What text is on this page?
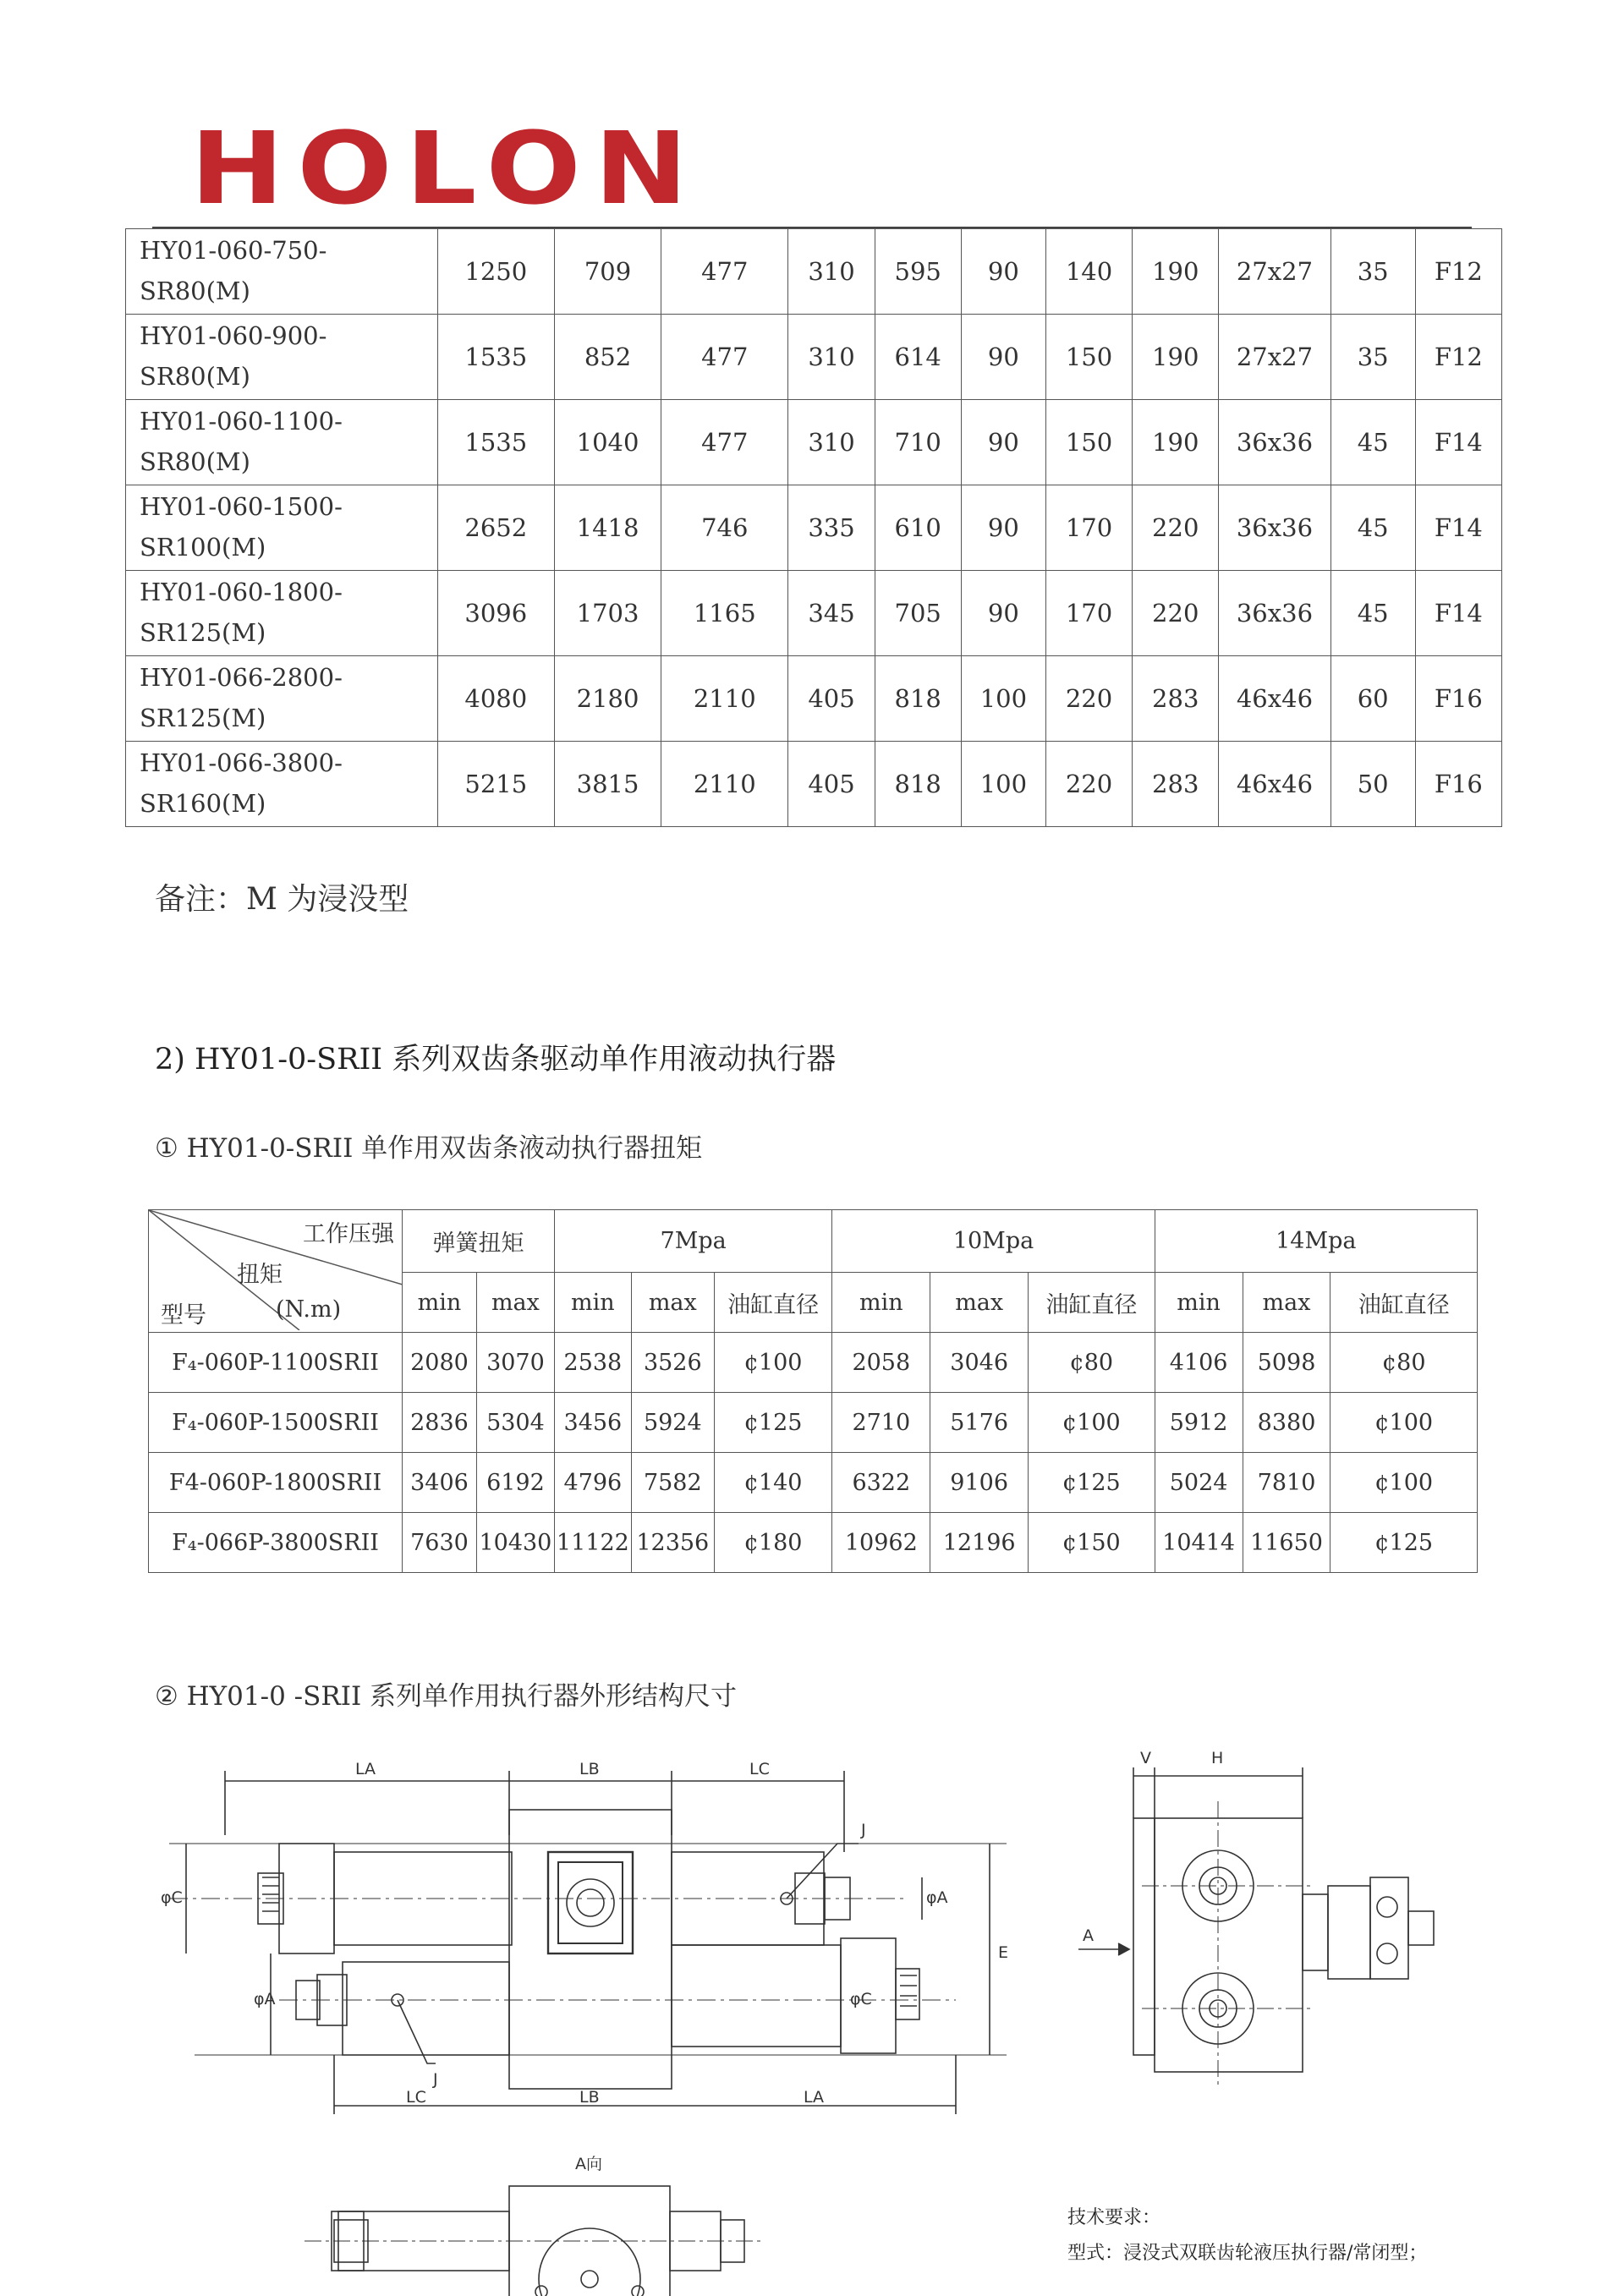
HOLON
HY01-060-750-SR80(M)	1250	709	477	310	595	90	140	190	27x27	35	F12
HY01-060-900-SR80(M)	1535	852	477	310	614	90	150	190	27x27	35	F12
HY01-060-1100-SR80(M)	1535	1040	477	310	710	90	150	190	36x36	45	F14
HY01-060-1500-SR100(M)	2652	1418	746	335	610	90	170	220	36x36	45	F14
HY01-060-1800-SR125(M)	3096	1703	1165	345	705	90	170	220	36x36	45	F14
HY01-066-2800-SR125(M)	4080	2180	2110	405	818	100	220	283	46x46	60	F16
HY01-066-3800-SR160(M)	5215	3815	2110	405	818	100	220	283	46x46	50	F16
备注：M 为浸没型
2) HY01-0-SRII 系列双齿条驱动单作用液动执行器
① HY01-0-SRII 单作用双齿条液动执行器扭矩
工作压强
扭矩
(N.m)
型号	弹簧扭矩		7Mpa			10Mpa			14Mpa		
	min	max	min	max	油缸直径	min	max	油缸直径	min	max	油缸直径
F₄-060P-1100SRII	2080	3070	2538	3526	¢100	2058	3046	¢80	4106	5098	¢80
F₄-060P-1500SRII	2836	5304	3456	5924	¢125	2710	5176	¢100	5912	8380	¢100
F4-060P-1800SRII	3406	6192	4796	7582	¢140	6322	9106	¢125	5024	7810	¢100
F₄-066P-3800SRII	7630	10430	11122	12356	¢180	10962	12196	¢150	10414	11650	¢125
② HY01-0 -SRII 系列单作用执行器外形结构尺寸
LA	LB	LC
J
J
LC	LB	LA
φC
φA
φA
φC
E
V	H
A
A向
技术要求：
型式：浸没式双联齿轮液压执行器/常闭型；
